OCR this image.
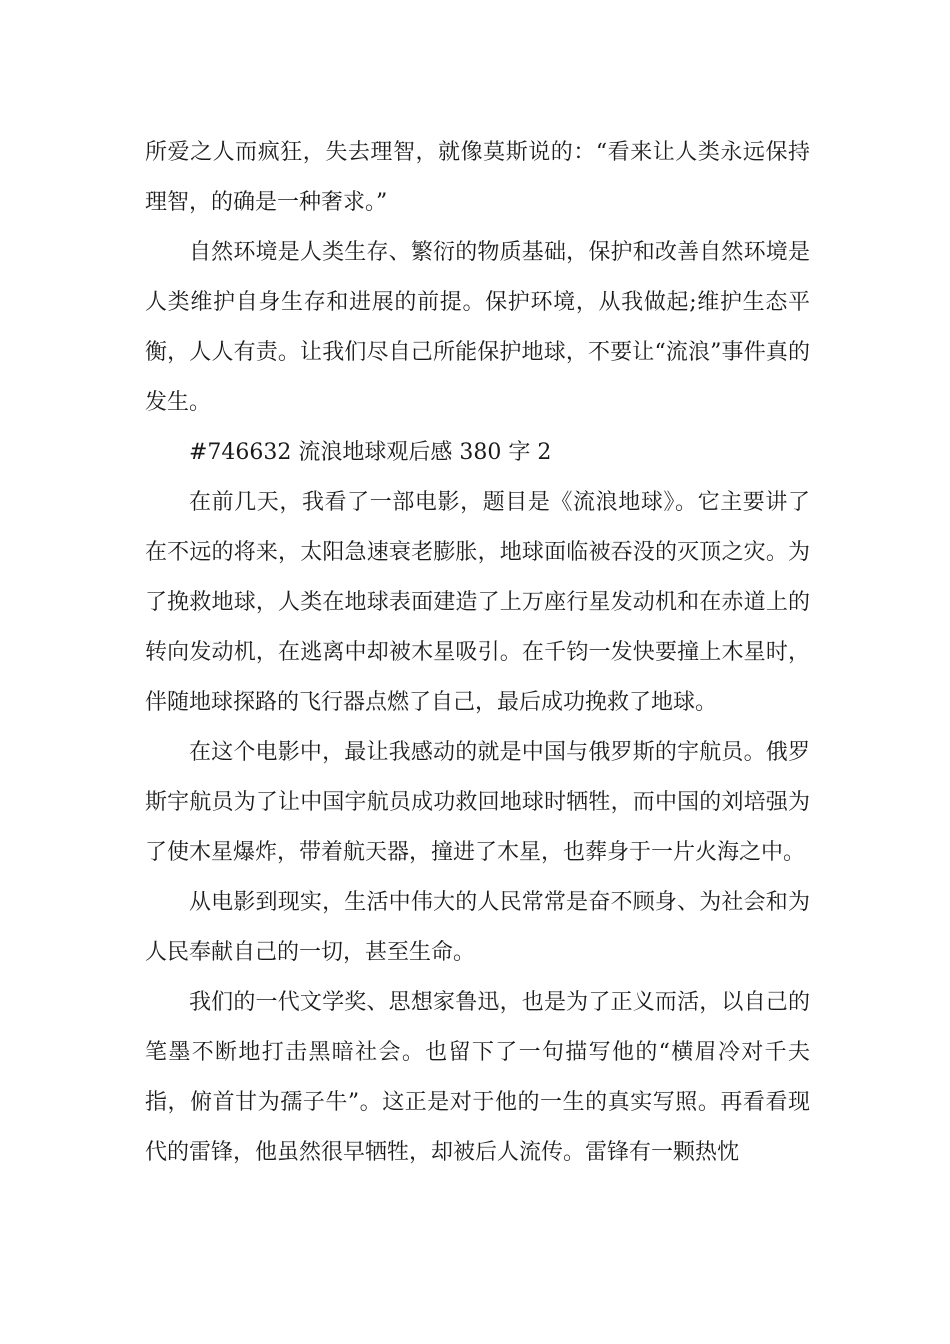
所爱之人而疯狂，失去理智，就像莫斯说的：“看来让人类永远保持理智，的确是一种奢求。”

自然环境是人类生存、繁衍的物质基础，保护和改善自然环境是人类维护自身生存和进展的前提。保护环境，从我做起;维护生态平衡，人人有责。让我们尽自己所能保护地球，不要让“流浪”事件真的发生。

#746632 流浪地球观后感 380 字 2

在前几天，我看了一部电影，题目是《流浪地球》。它主要讲了在不远的将来，太阳急速衰老膨胀，地球面临被吞没的灭顶之灾。为了挽救地球，人类在地球表面建造了上万座行星发动机和在赤道上的转向发动机，在逃离中却被木星吸引。在千钧一发快要撞上木星时，伴随地球探路的飞行器点燃了自己，最后成功挽救了地球。

在这个电影中，最让我感动的就是中国与俄罗斯的宇航员。俄罗斯宇航员为了让中国宇航员成功救回地球时牺牲，而中国的刘培强为了使木星爆炸，带着航天器，撞进了木星，也葬身于一片火海之中。

从电影到现实，生活中伟大的人民常常是奋不顾身、为社会和为人民奉献自己的一切，甚至生命。

我们的一代文学奖、思想家鲁迅，也是为了正义而活，以自己的笔墨不断地打击黑暗社会。也留下了一句描写他的“横眉冷对千夫指，俯首甘为孺子牛”。这正是对于他的一生的真实写照。再看看现代的雷锋，他虽然很早牺牲，却被后人流传。雷锋有一颗热忱
